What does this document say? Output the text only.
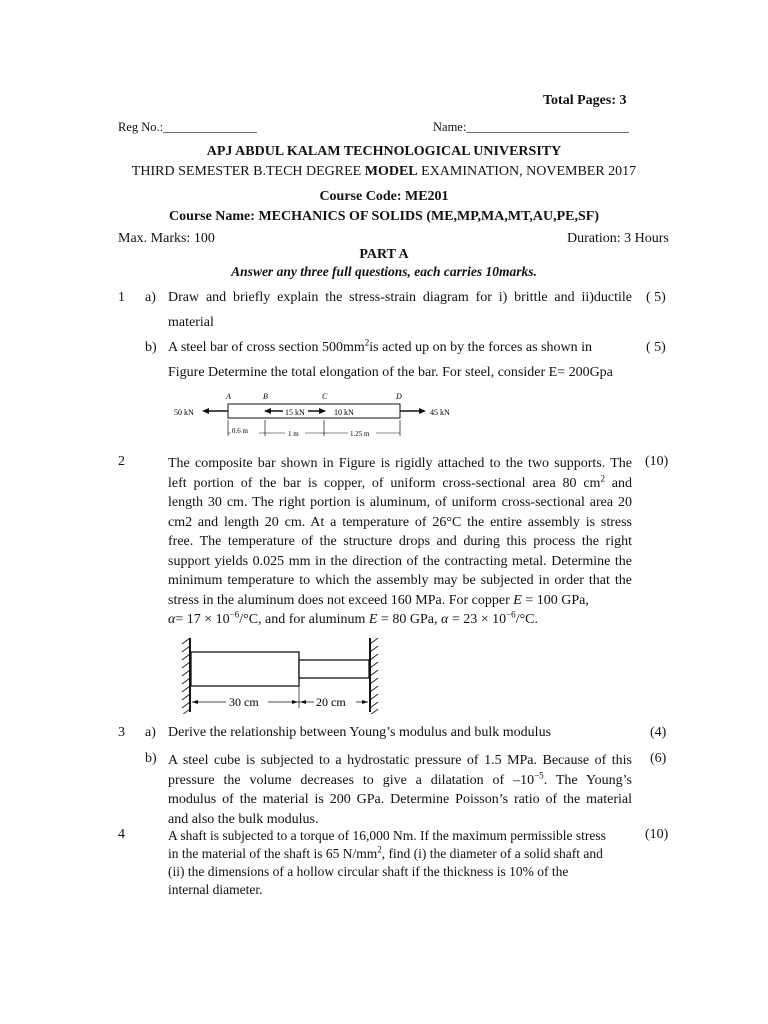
Total Pages: 3
Reg No.:_______________	Name:__________________________
APJ ABDUL KALAM TECHNOLOGICAL UNIVERSITY
THIRD SEMESTER B.TECH DEGREE MODEL EXAMINATION, NOVEMBER 2017
Course Code: ME201
Course Name: MECHANICS OF SOLIDS (ME,MP,MA,MT,AU,PE,SF)
Max. Marks: 100	Duration: 3 Hours
PART A
Answer any three full questions, each carries 10marks.
1 a) Draw and briefly explain the stress-strain diagram for i) brittle and ii)ductile
material
( 5)
b) A steel bar of cross section $500mm^2is$ acted up on by the forces as shown in
Figure Determine the total elongation of the bar. For steel, consider E= 200Gpa
( 5)
A	B	C	D
50 kN	45 kN
15 kN	10 kN
0.6 m	1 m	1.25 m
2	(10)
The composite bar shown in Figure is rigidly attached to the two supports. The
left portion of the bar is copper, of uniform cross-sectional area 80 $cm^2$ and
length 30 cm. The right portion is aluminum, of uniform cross-sectional area 20
cm2 and length 20 cm. At a temperature of 26°C the entire assembly is stress
free. The temperature of the structure drops and during this process the right
support yields 0.025 mm in the direction of the contracting metal. Determine the
minimum temperature to which the assembly may be subjected in order that the
stress in the aluminum does not exceed 160 MPa. For copper E = 100 GPa,
$\alpha= 17 \times 10^{-6}/^\circ C$, and for aluminum E = 80 GPa, $\alpha = 23 \times 10^{-6}/^\circ C$.
30 cm	20 cm
3 a) Derive the relationship between Young’s modulus and bulk modulus	(4)
b) A steel cube is subjected to a hydrostatic pressure of 1.5 MPa. Because of this
pressure the volume decreases to give a dilatation of $-10^{-5}$. The Young’s
modulus of the material is 200 GPa. Determine Poisson’s ratio of the material
and also the bulk modulus.
(6)
4	(10)
A shaft is subjected to a torque of 16,000 Nm. If the maximum permissible stress
in the material of the shaft is 65 $N/mm^2$, find (i) the diameter of a solid shaft and
(ii) the dimensions of a hollow circular shaft if the thickness is 10% of the
internal diameter.
